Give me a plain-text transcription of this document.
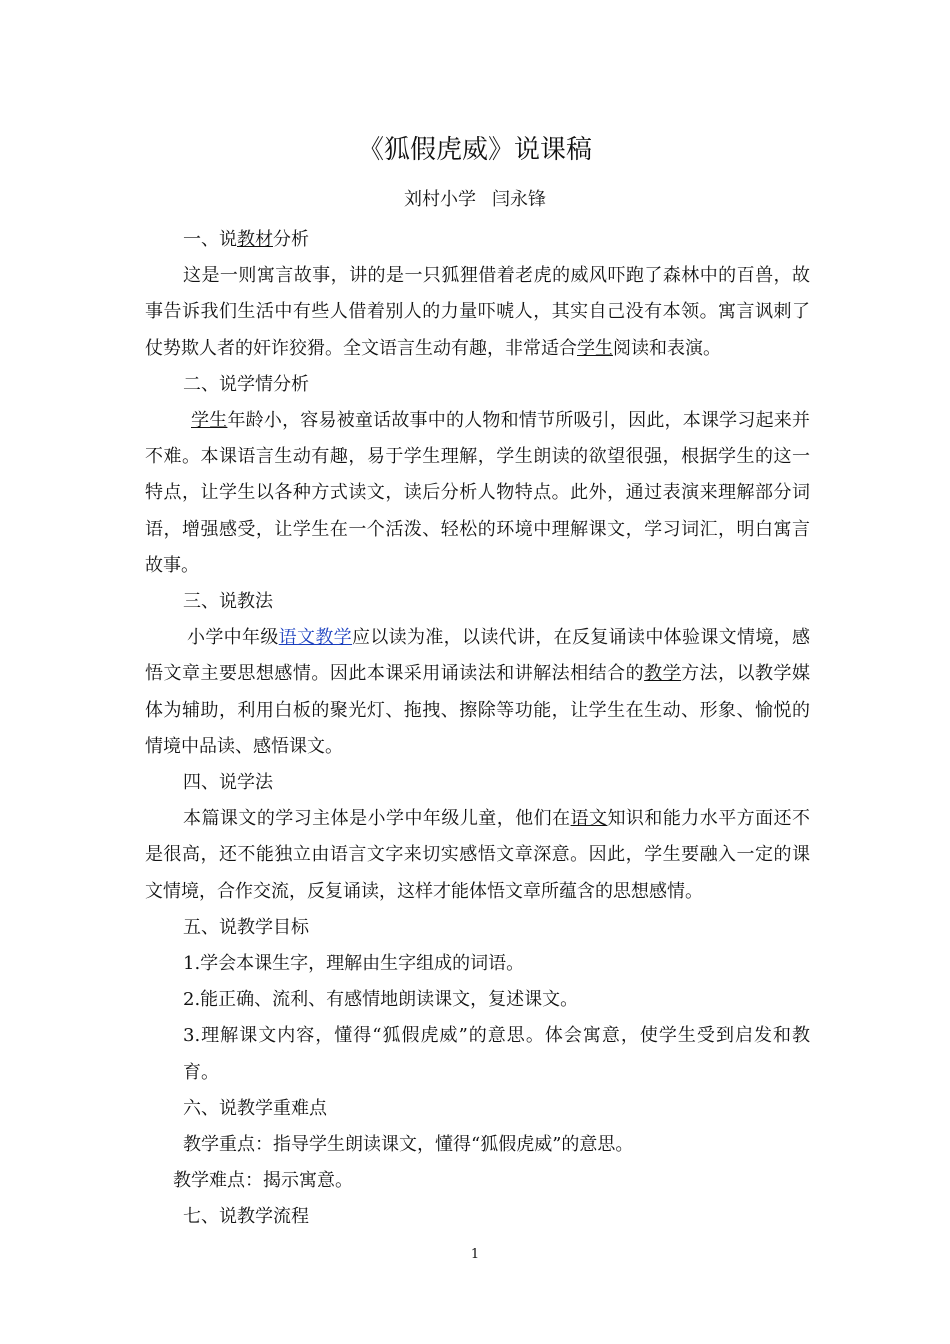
《狐假虎威》说课稿
刘村小学 闫永锋

一、说教材分析

这是一则寓言故事，讲的是一只狐狸借着老虎的威风吓跑了森林中的百兽，故事告诉我们生活中有些人借着别人的力量吓唬人，其实自己没有本领。寓言讽刺了仗势欺人者的奸诈狡猾。全文语言生动有趣，非常适合学生阅读和表演。

二、说学情分析

学生年龄小，容易被童话故事中的人物和情节所吸引，因此，本课学习起来并不难。本课语言生动有趣，易于学生理解，学生朗读的欲望很强，根据学生的这一特点，让学生以各种方式读文，读后分析人物特点。此外，通过表演来理解部分词语，增强感受，让学生在一个活泼、轻松的环境中理解课文，学习词汇，明白寓言故事。

三、说教法

小学中年级语文教学应以读为准，以读代讲，在反复诵读中体验课文情境，感悟文章主要思想感情。因此本课采用诵读法和讲解法相结合的教学方法，以教学媒体为辅助，利用白板的聚光灯、拖拽、擦除等功能，让学生在生动、形象、愉悦的情境中品读、感悟课文。

四、说学法

本篇课文的学习主体是小学中年级儿童，他们在语文知识和能力水平方面还不是很高，还不能独立由语言文字来切实感悟文章深意。因此，学生要融入一定的课文情境，合作交流，反复诵读，这样才能体悟文章所蕴含的思想感情。

五、说教学目标

1.学会本课生字，理解由生字组成的词语。

2.能正确、流利、有感情地朗读课文，复述课文。

3.理解课文内容，懂得“狐假虎威”的意思。体会寓意，使学生受到启发和教育。

六、说教学重难点

教学重点：指导学生朗读课文，懂得“狐假虎威”的意思。

教学难点：揭示寓意。

七、说教学流程

1
